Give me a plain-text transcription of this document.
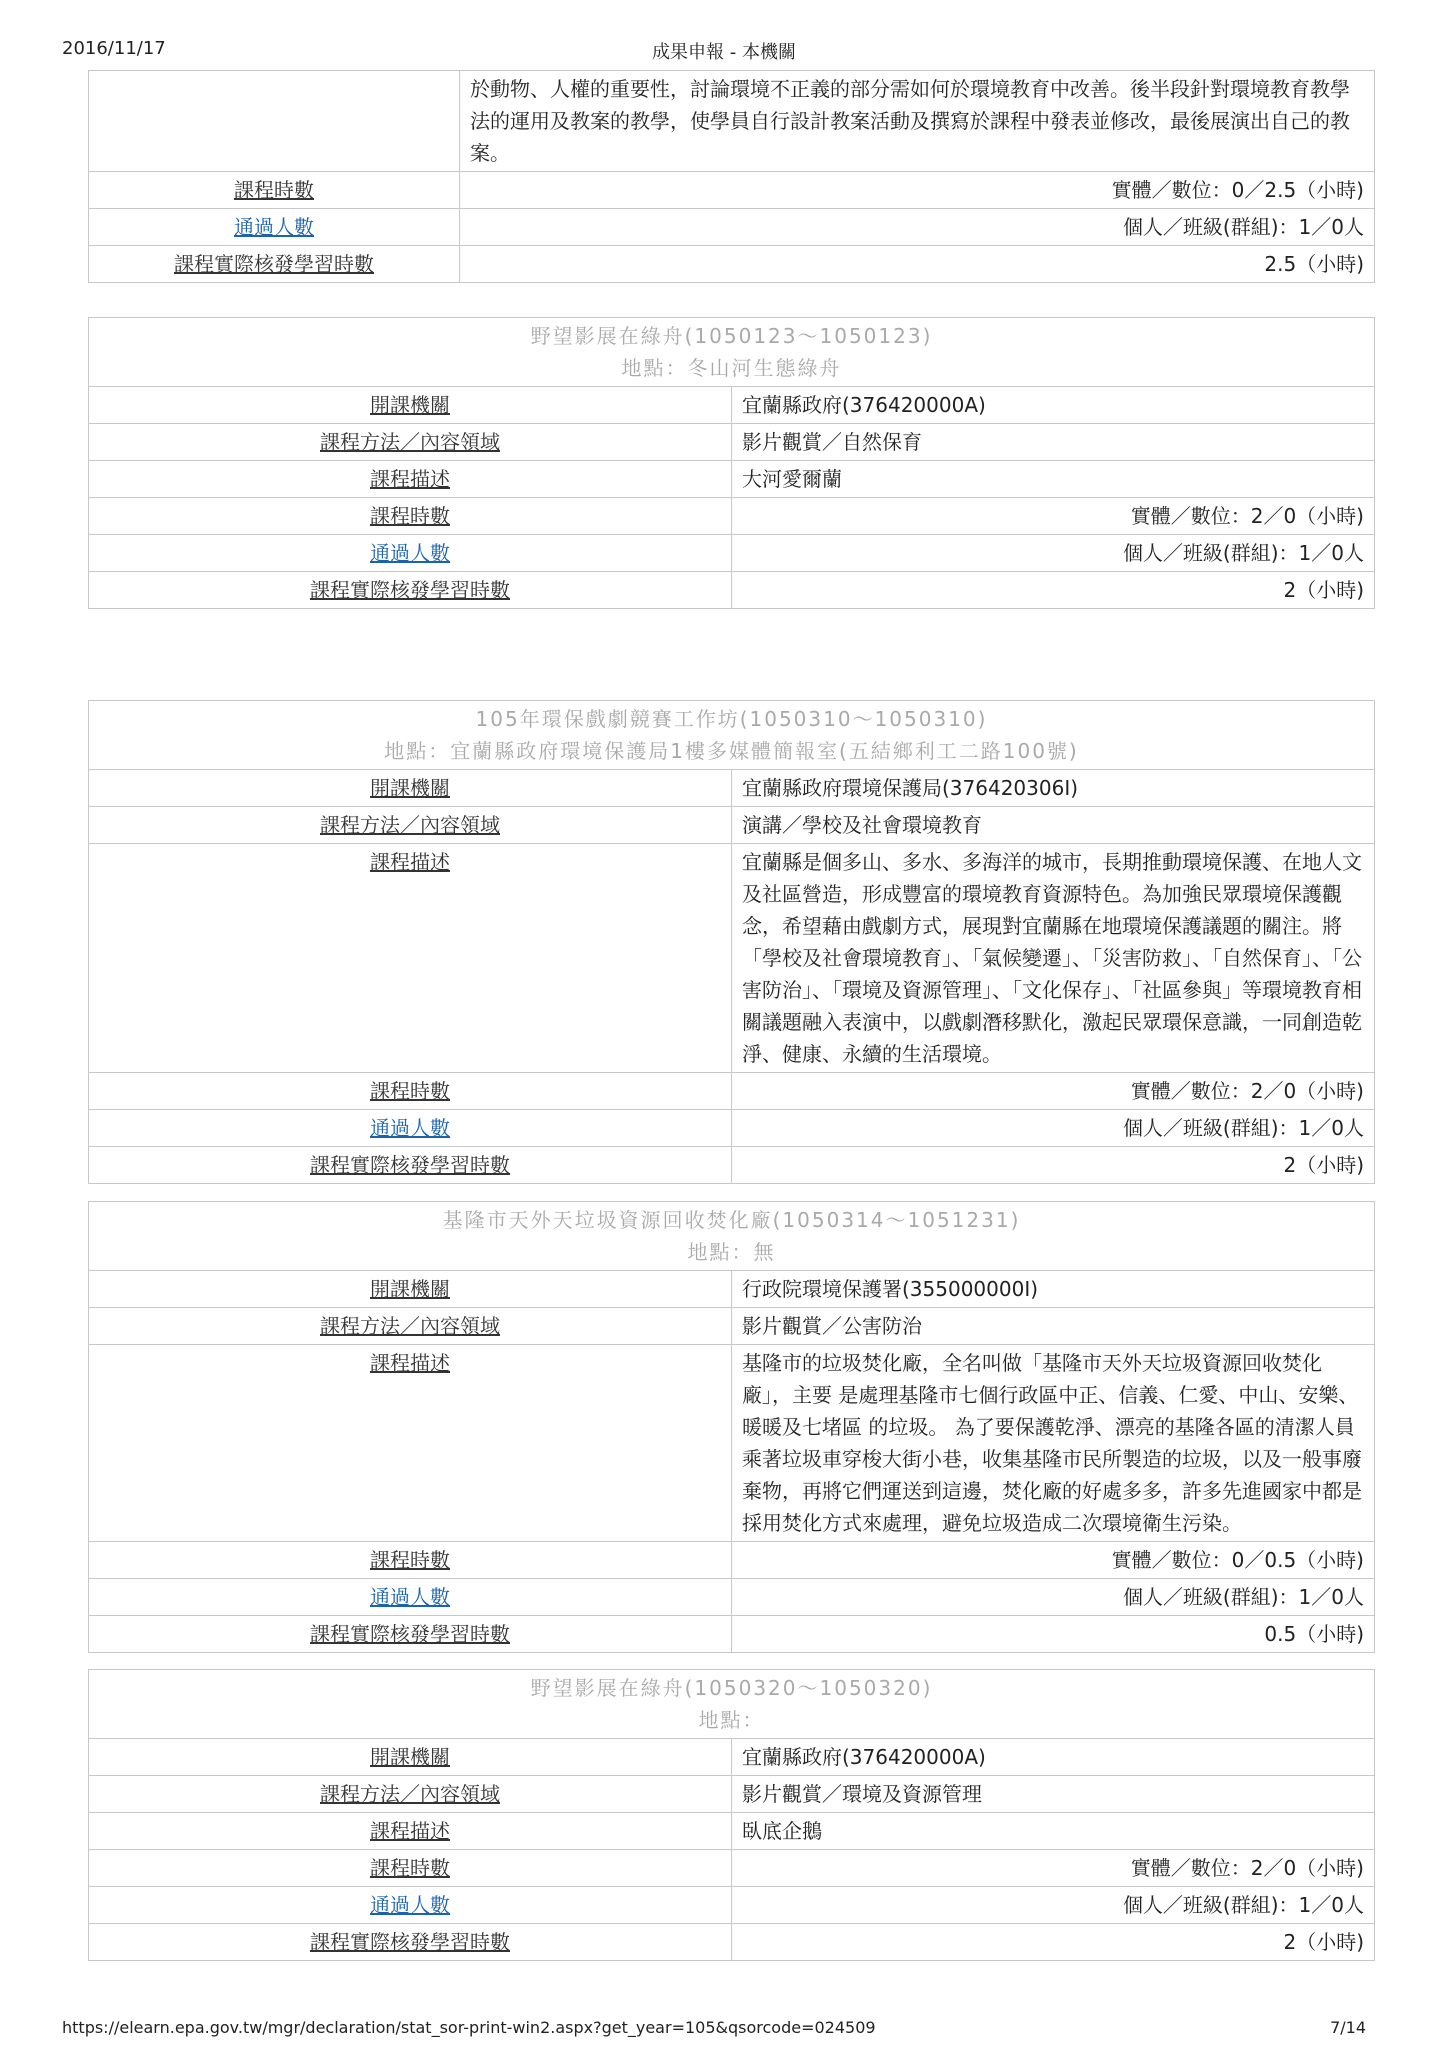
2016/11/17	成果申報 - 本機關
	於動物、人權的重要性，討論環境不正義的部分需如何於環境教育中改善。後半段針對環境教育教學法的運用及教案的教學，使學員自行設計教案活動及撰寫於課程中發表並修改，最後展演出自己的教案。
課程時數	實體／數位：0／2.5（小時)
通過人數	個人／班級(群組)：1／0人
課程實際核發學習時數	2.5（小時)
野望影展在綠舟(1050123～1050123)
地點：冬山河生態綠舟	

開課機關	宜蘭縣政府(376420000A)
課程方法／內容領域	影片觀賞／自然保育
課程描述	大河愛爾蘭
課程時數	實體／數位：2／0（小時)
通過人數	個人／班級(群組)：1／0人
課程實際核發學習時數	2（小時)
105年環保戲劇競賽工作坊(1050310～1050310)
地點：宜蘭縣政府環境保護局1樓多媒體簡報室(五結鄉利工二路100號)	

開課機關	宜蘭縣政府環境保護局(376420306I)
課程方法／內容領域	演講／學校及社會環境教育
課程描述	宜蘭縣是個多山、多水、多海洋的城市，長期推動環境保護、在地人文及社區營造，形成豐富的環境教育資源特色。為加強民眾環境保護觀念，希望藉由戲劇方式，展現對宜蘭縣在地環境保護議題的關注。將「學校及社會環境教育」、「氣候變遷」、「災害防救」、「自然保育」、「公害防治」、「環境及資源管理」、「文化保存」、「社區參與」等環境教育相關議題融入表演中，以戲劇潛移默化，激起民眾環保意識，一同創造乾淨、健康、永續的生活環境。
課程時數	實體／數位：2／0（小時)
通過人數	個人／班級(群組)：1／0人
課程實際核發學習時數	2（小時)
基隆市天外天垃圾資源回收焚化廠(1050314～1051231)
地點：無	

開課機關	行政院環境保護署(355000000I)
課程方法／內容領域	影片觀賞／公害防治
課程描述	基隆市的垃圾焚化廠，全名叫做「基隆市天外天垃圾資源回收焚化廠」，主要 是處理基隆市七個行政區中正、信義、仁愛、中山、安樂、暖暖及七堵區 的垃圾。 為了要保護乾淨、漂亮的基隆各區的清潔人員乘著垃圾車穿梭大街小巷，收集基隆市民所製造的垃圾，以及一般事廢棄物，再將它們運送到這邊，焚化廠的好處多多，許多先進國家中都是採用焚化方式來處理，避免垃圾造成二次環境衛生污染。
課程時數	實體／數位：0／0.5（小時)
通過人數	個人／班級(群組)：1／0人
課程實際核發學習時數	0.5（小時)
野望影展在綠舟(1050320～1050320)
地點：	

開課機關	宜蘭縣政府(376420000A)
課程方法／內容領域	影片觀賞／環境及資源管理
課程描述	臥底企鵝
課程時數	實體／數位：2／0（小時)
通過人數	個人／班級(群組)：1／0人
課程實際核發學習時數	2（小時)
https://elearn.epa.gov.tw/mgr/declaration/stat_sor-print-win2.aspx?get_year=105&qsorcode=024509	7/14
